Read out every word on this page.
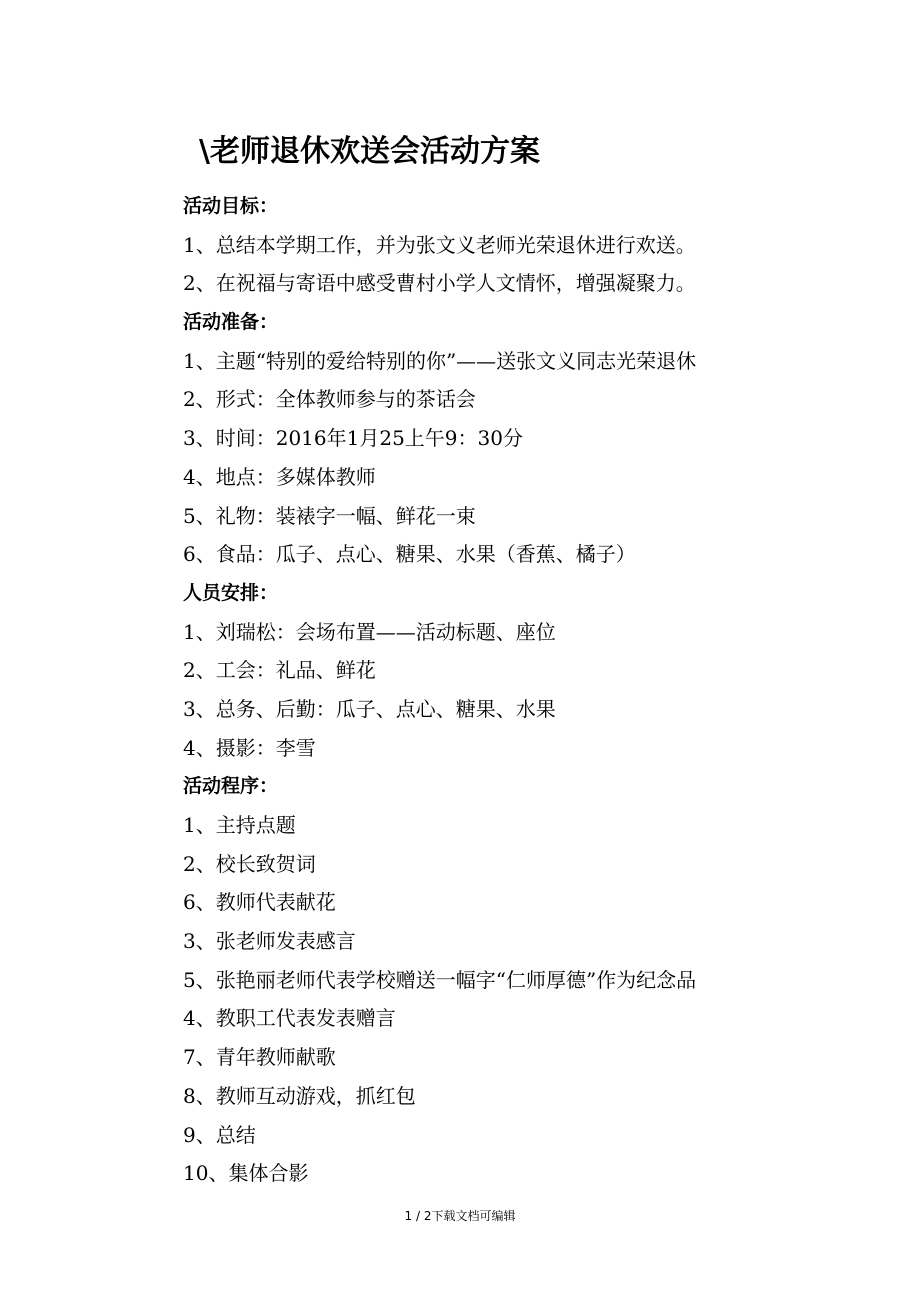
\老师退休欢送会活动方案
活动目标：
1、总结本学期工作，并为张文义老师光荣退休进行欢送。
2、在祝福与寄语中感受曹村小学人文情怀，增强凝聚力。
活动准备：
1、主题“特别的爱给特别的你”——送张文义同志光荣退休
2、形式：全体教师参与的茶话会
3、时间：2016年1月25上午9：30分
4、地点：多媒体教师
5、礼物：装裱字一幅、鲜花一束
6、食品：瓜子、点心、糖果、水果（香蕉、橘子）
人员安排：
1、刘瑞松：会场布置——活动标题、座位
2、工会：礼品、鲜花
3、总务、后勤：瓜子、点心、糖果、水果
4、摄影：李雪
活动程序：
1、主持点题
2、校长致贺词
6、教师代表献花
3、张老师发表感言
5、张艳丽老师代表学校赠送一幅字“仁师厚德”作为纪念品
4、教职工代表发表赠言
7、青年教师献歌
8、教师互动游戏，抓红包
9、总结
10、集体合影
1 / 2下载文档可编辑
